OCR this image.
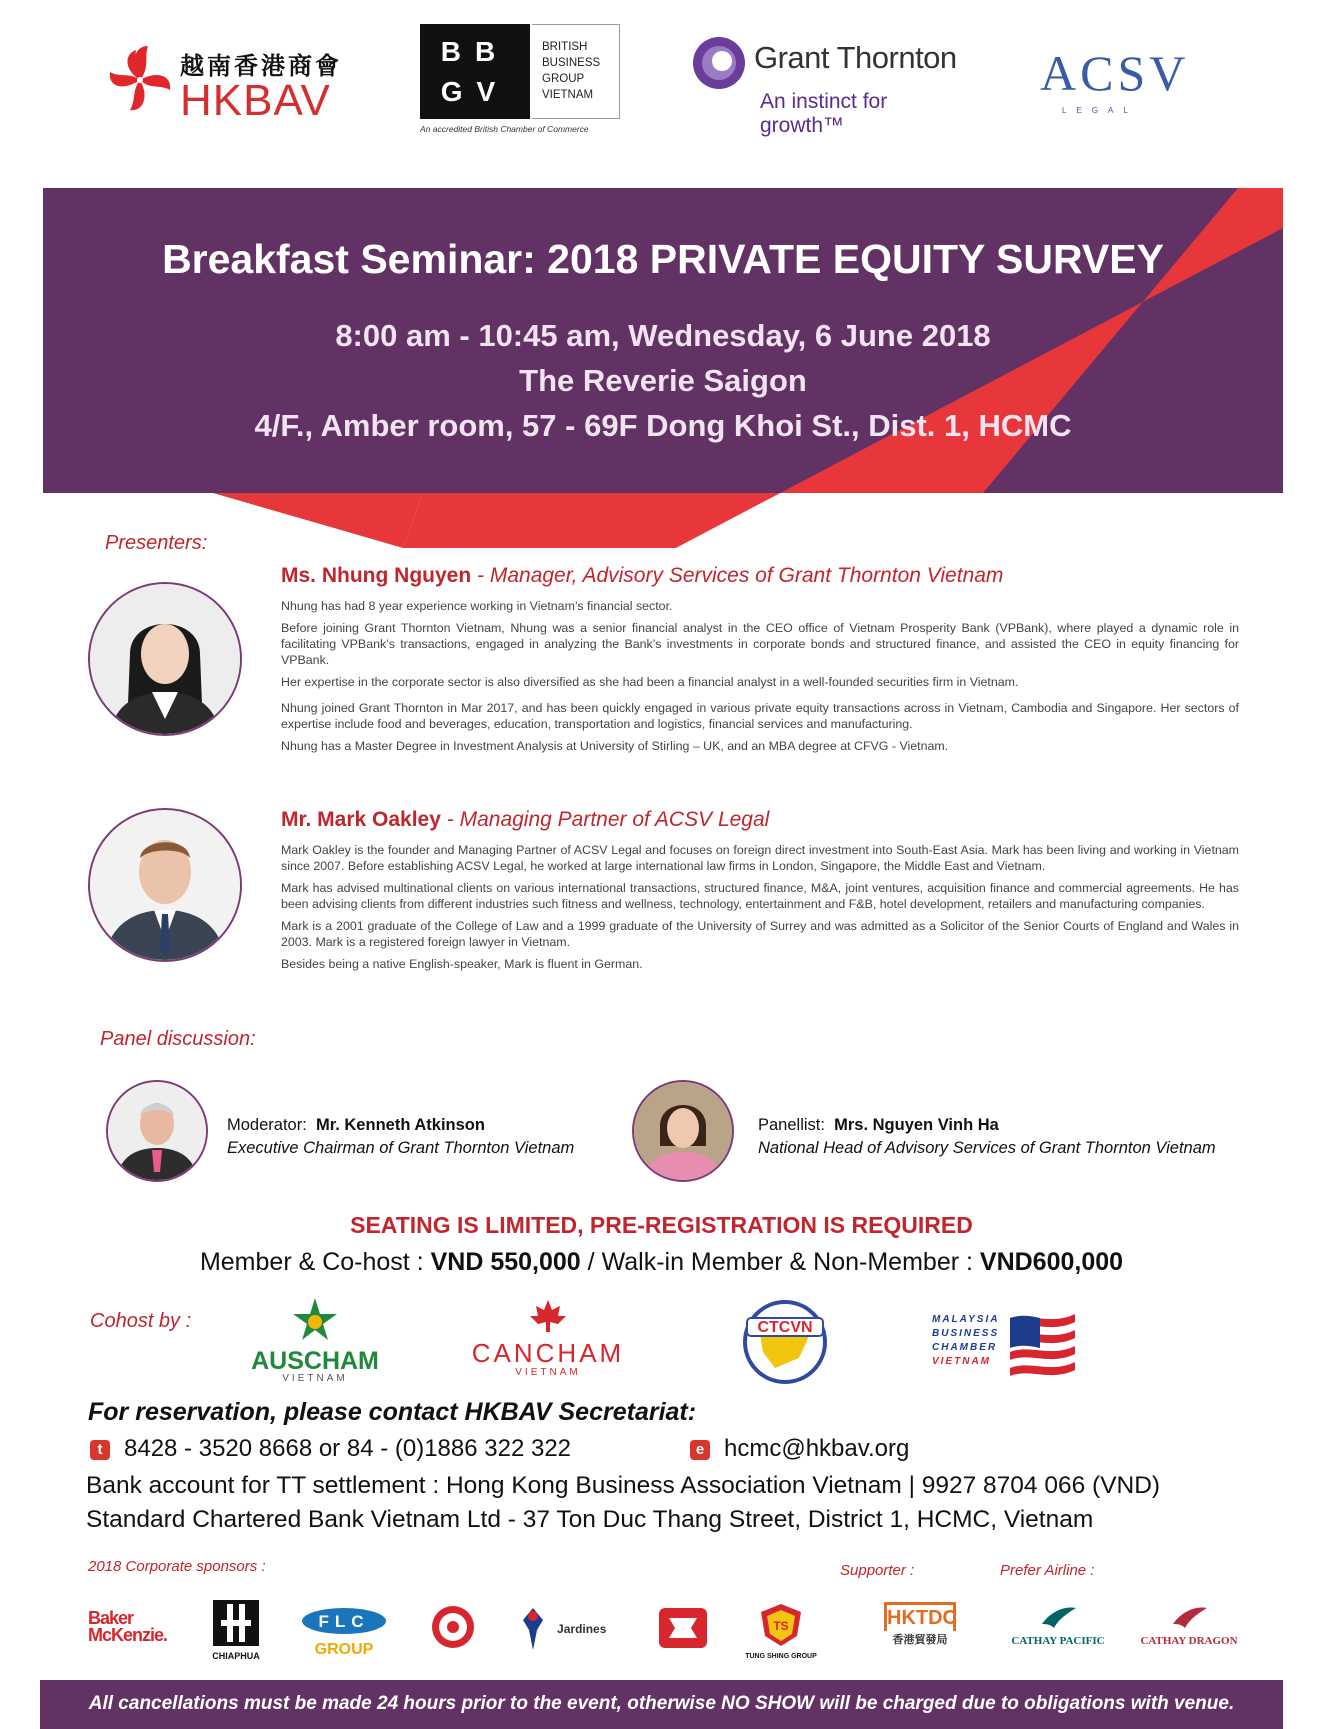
越南香港商會
HKBAV
BB
GV
BRITISH
BUSINESS
GROUP
VIETNAM
An accredited British Chamber of Commerce
Grant Thornton
An instinct for growth™
ACSV
LEGAL
Breakfast Seminar: 2018 PRIVATE EQUITY SURVEY
8:00 am - 10:45 am, Wednesday, 6 June 2018
The Reverie Saigon
4/F., Amber room, 57 - 69F Dong Khoi St., Dist. 1, HCMC
Presenters:
Ms. Nhung Nguyen - Manager, Advisory Services of Grant Thornton Vietnam

Nhung has had 8 year experience working in Vietnam’s financial sector.

Before joining Grant Thornton Vietnam, Nhung was a senior financial analyst in the CEO office of Vietnam Prosperity Bank (VPBank), where played a dynamic role in facilitating VPBank’s transactions, engaged in analyzing the Bank’s investments in corporate bonds and structured finance, and assisted the CEO in equity financing for VPBank.

Her expertise in the corporate sector is also diversified as she had been a financial analyst in a well-founded securities firm in Vietnam.

Nhung joined Grant Thornton in Mar 2017, and has been quickly engaged in various private equity transactions across in Vietnam, Cambodia and Singapore. Her sectors of expertise include food and beverages, education, transportation and logistics, financial services and manufacturing.

Nhung has a Master Degree in Investment Analysis at University of Stirling – UK, and an MBA degree at CFVG - Vietnam.

Mr. Mark Oakley - Managing Partner of ACSV Legal

Mark Oakley is the founder and Managing Partner of ACSV Legal and focuses on foreign direct investment into South-East Asia. Mark has been living and working in Vietnam since 2007. Before establishing ACSV Legal, he worked at large international law firms in London, Singapore, the Middle East and Vietnam.

Mark has advised multinational clients on various international transactions, structured finance, M&A, joint ventures, acquisition finance and commercial agreements. He has been advising clients from different industries such fitness and wellness, technology, entertainment and F&B, hotel development, retailers and manufacturing companies.

Mark is a 2001 graduate of the College of Law and a 1999 graduate of the University of Surrey and was admitted as a Solicitor of the Senior Courts of England and Wales in 2003. Mark is a registered foreign lawyer in Vietnam.

Besides being a native English-speaker, Mark is fluent in German.

Panel discussion:
Moderator: Mr. Kenneth Atkinson
Executive Chairman of Grant Thornton Vietnam
Panellist: Mrs. Nguyen Vinh Ha
National Head of Advisory Services of Grant Thornton Vietnam
SEATING IS LIMITED, PRE-REGISTRATION IS REQUIRED
Member & Co-host : VND 550,000 / Walk-in Member & Non-Member : VND600,000
Cohost by :
AUSCHAM
VIETNAM
CANCHAM
VIETNAM
CTCVN	MALAYSIA
BUSINESS
CHAMBER
VIETNAM
For reservation, please contact HKBAV Secretariat:
t 8428 - 3520 8668 or 84 - (0)1886 322 322	e hcmc@hkbav.org
Bank account for TT settlement : Hong Kong Business Association Vietnam | 9927 8704 066 (VND)
Standard Chartered Bank Vietnam Ltd - 37 Ton Duc Thang Street, District 1, HCMC, Vietnam
2018 Corporate sponsors :	Supporter :	Prefer Airline :
Baker McKenzie.
CHIAPHUA
FLC
GROUP
Jardines	TS
TUNG SHING GROUP
HKTDC
香港貿發局	CATHAY PACIFIC	CATHAY DRAGON
All cancellations must be made 24 hours prior to the event, otherwise NO SHOW will be charged due to obligations with venue.
